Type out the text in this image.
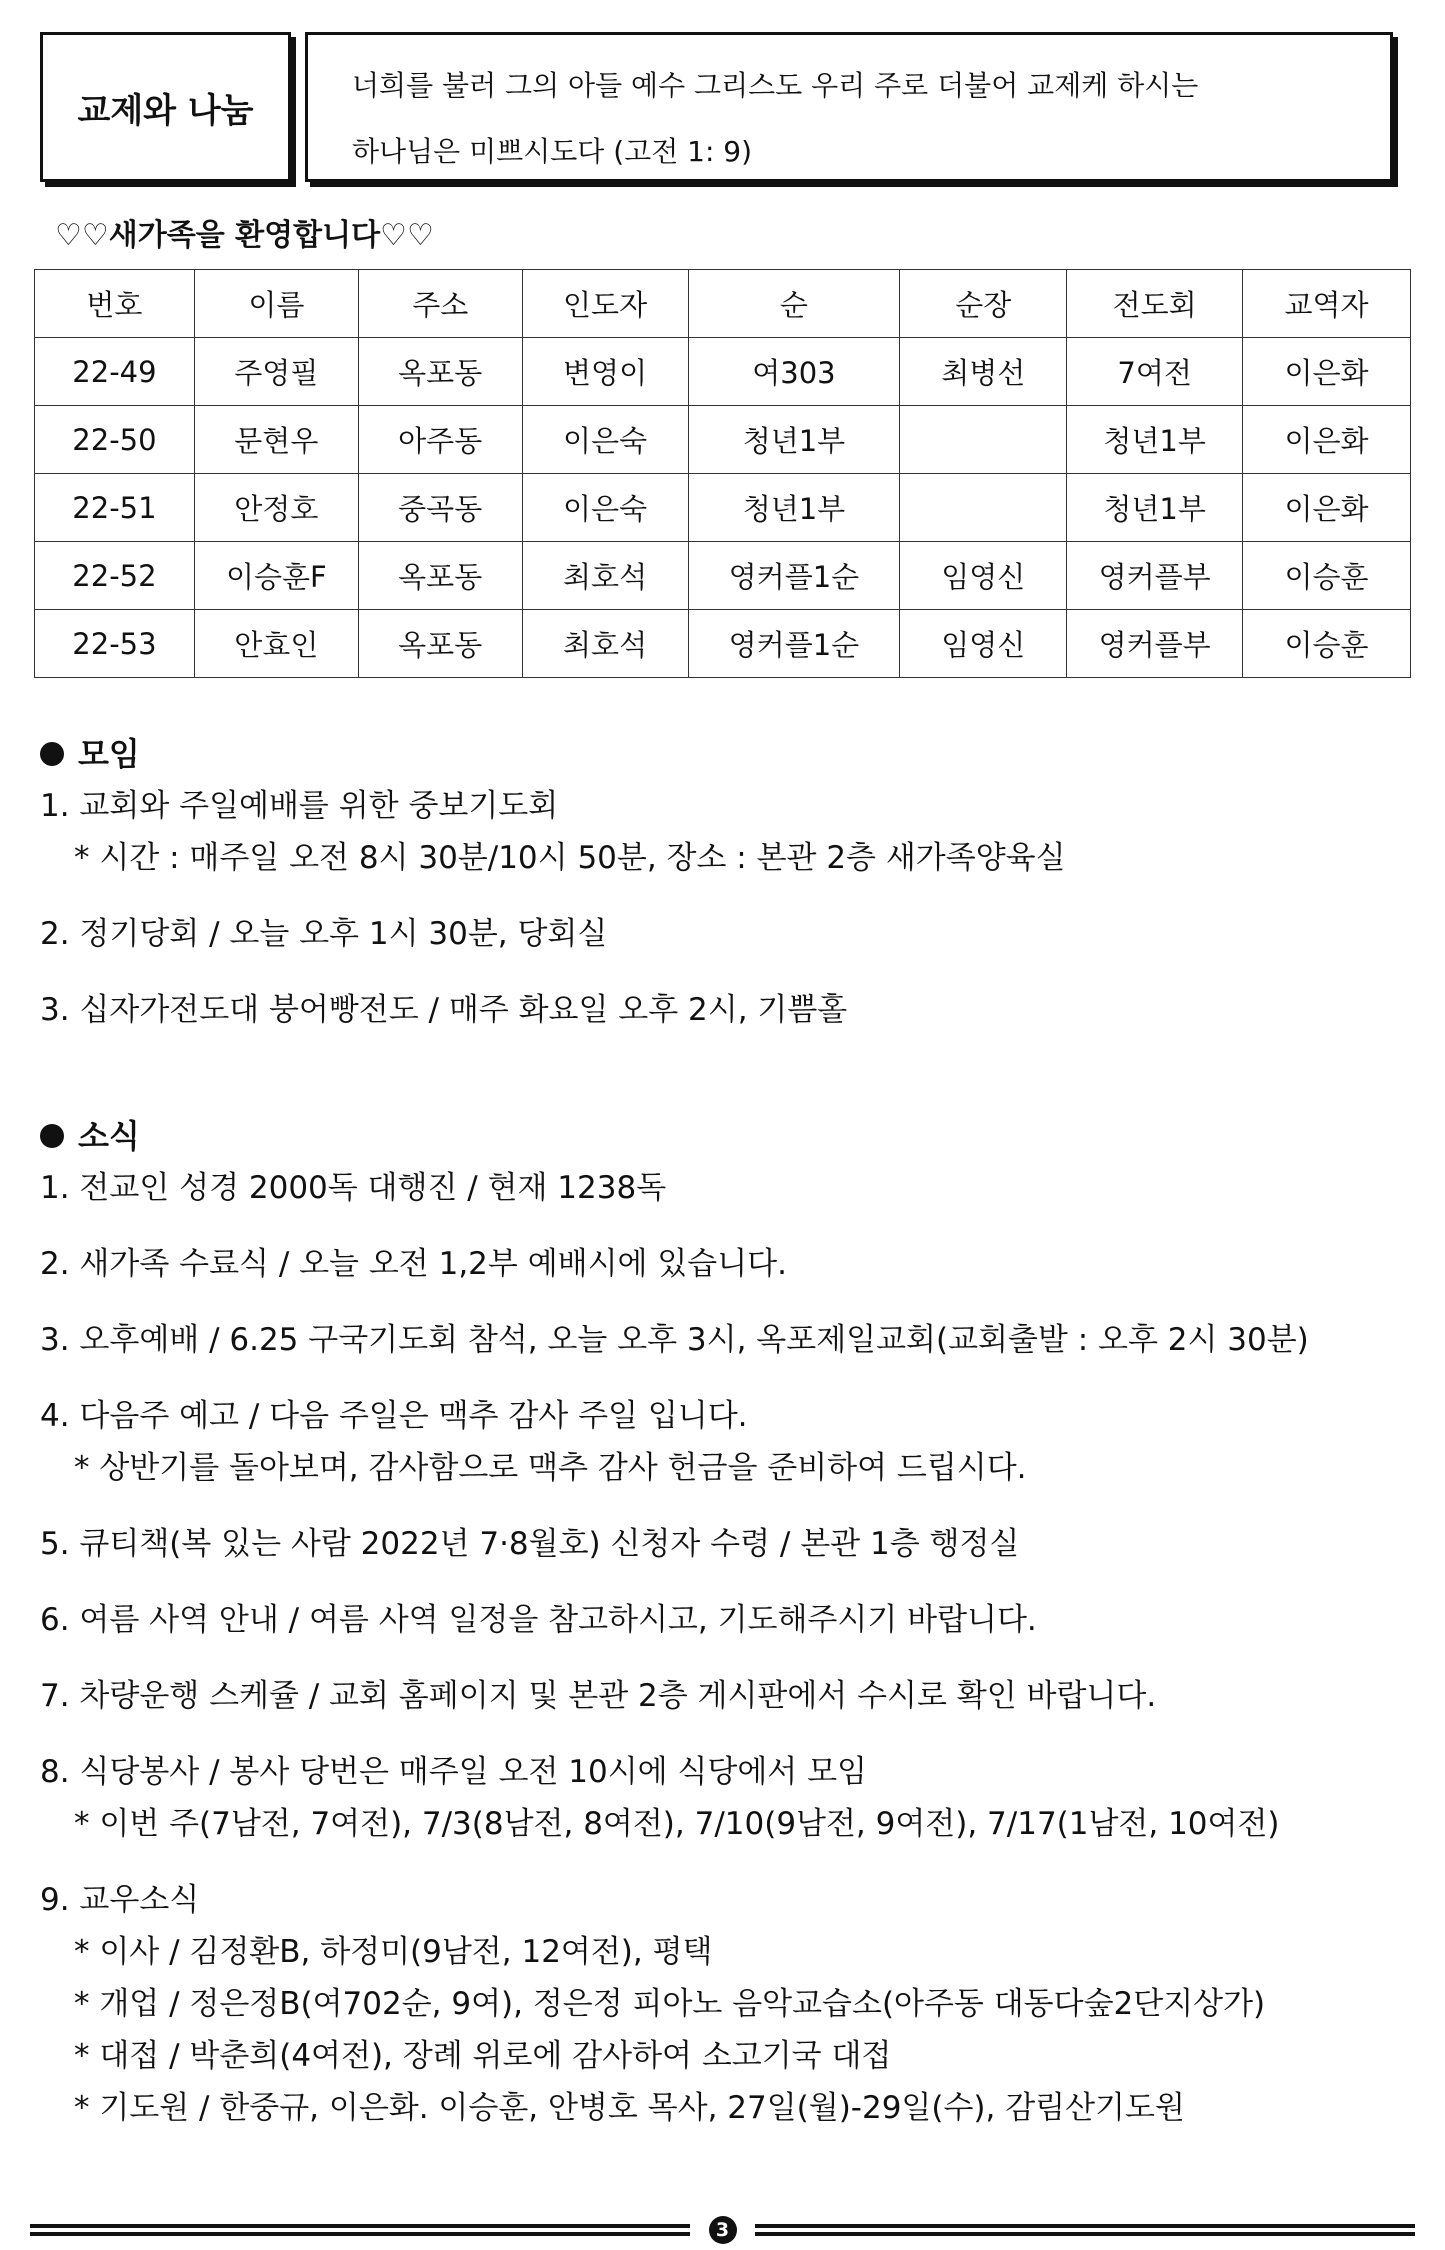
교제와 나눔
너희를 불러 그의 아들 예수 그리스도 우리 주로 더불어 교제케 하시는
하나님은 미쁘시도다 (고전 1: 9)
♡♡새가족을 환영합니다♡♡
번호	이름	주소	인도자	순	순장	전도회	교역자
22-49	주영필	옥포동	변영이	여303	최병선	7여전	이은화
22-50	문현우	아주동	이은숙	청년1부		청년1부	이은화
22-51	안정호	중곡동	이은숙	청년1부		청년1부	이은화
22-52	이승훈F	옥포동	최호석	영커플1순	임영신	영커플부	이승훈
22-53	안효인	옥포동	최호석	영커플1순	임영신	영커플부	이승훈
모임
1. 교회와 주일예배를 위한 중보기도회
* 시간 : 매주일 오전 8시 30분/10시 50분, 장소 : 본관 2층 새가족양육실
2. 정기당회 / 오늘 오후 1시 30분, 당회실
3. 십자가전도대 붕어빵전도 / 매주 화요일 오후 2시, 기쁨홀
소식
1. 전교인 성경 2000독 대행진 / 현재 1238독
2. 새가족 수료식 / 오늘 오전 1,2부 예배시에 있습니다.
3. 오후예배 / 6.25 구국기도회 참석, 오늘 오후 3시, 옥포제일교회(교회출발 : 오후 2시 30분)
4. 다음주 예고 / 다음 주일은 맥추 감사 주일 입니다.
* 상반기를 돌아보며, 감사함으로 맥추 감사 헌금을 준비하여 드립시다.
5. 큐티책(복 있는 사람 2022년 7·8월호) 신청자 수령 / 본관 1층 행정실
6. 여름 사역 안내 / 여름 사역 일정을 참고하시고, 기도해주시기 바랍니다.
7. 차량운행 스케쥴 / 교회 홈페이지 및 본관 2층 게시판에서 수시로 확인 바랍니다.
8. 식당봉사 / 봉사 당번은 매주일 오전 10시에 식당에서 모임
* 이번 주(7남전, 7여전), 7/3(8남전, 8여전), 7/10(9남전, 9여전), 7/17(1남전, 10여전)
9. 교우소식
* 이사 / 김정환B, 하정미(9남전, 12여전), 평택
* 개업 / 정은정B(여702순, 9여), 정은정 피아노 음악교습소(아주동 대동다숲2단지상가)
* 대접 / 박춘희(4여전), 장례 위로에 감사하여 소고기국 대접
* 기도원 / 한중규, 이은화. 이승훈, 안병호 목사, 27일(월)-29일(수), 감림산기도원
3
